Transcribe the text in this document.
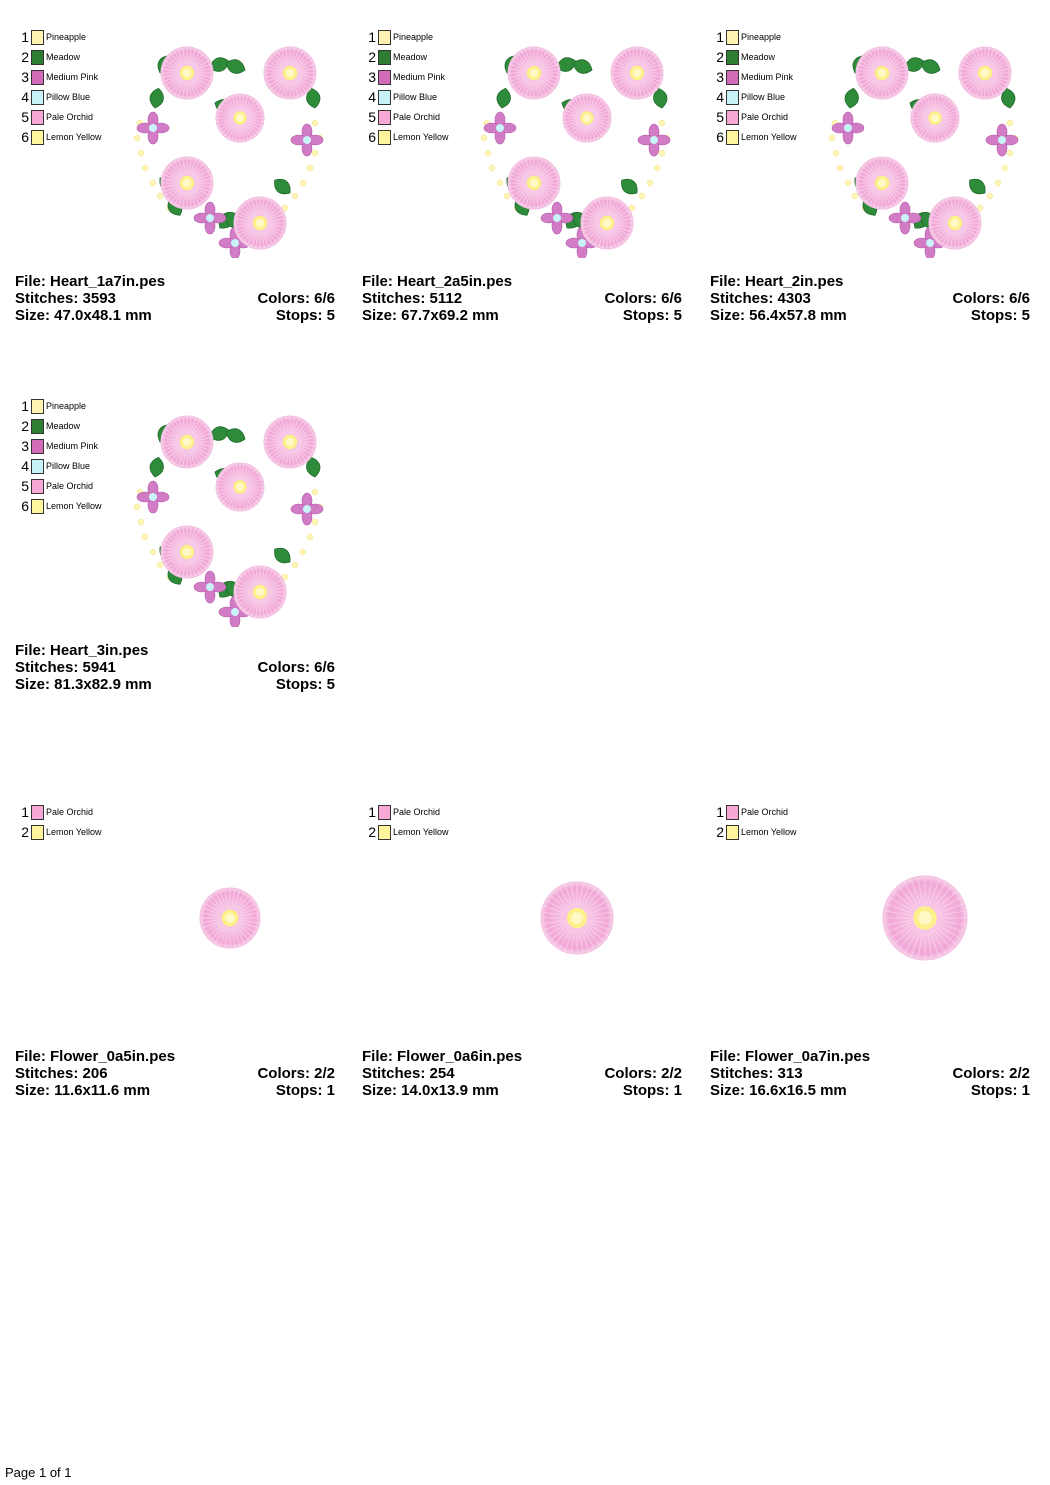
1 Pineapple
2 Meadow
3 Medium Pink
4 Pillow Blue
5 Pale Orchid
6 Lemon Yellow
File: Heart_1a7in.pes
Stitches: 3593	Colors: 6/6
Size: 47.0x48.1 mm	Stops: 5
1 Pineapple
2 Meadow
3 Medium Pink
4 Pillow Blue
5 Pale Orchid
6 Lemon Yellow
File: Heart_2a5in.pes
Stitches: 5112	Colors: 6/6
Size: 67.7x69.2 mm	Stops: 5
1 Pineapple
2 Meadow
3 Medium Pink
4 Pillow Blue
5 Pale Orchid
6 Lemon Yellow
File: Heart_2in.pes
Stitches: 4303	Colors: 6/6
Size: 56.4x57.8 mm	Stops: 5
1 Pineapple
2 Meadow
3 Medium Pink
4 Pillow Blue
5 Pale Orchid
6 Lemon Yellow
File: Heart_3in.pes
Stitches: 5941	Colors: 6/6
Size: 81.3x82.9 mm	Stops: 5
1 Pale Orchid
2 Lemon Yellow
File: Flower_0a5in.pes
Stitches: 206	Colors: 2/2
Size: 11.6x11.6 mm	Stops: 1
1 Pale Orchid
2 Lemon Yellow
File: Flower_0a6in.pes
Stitches: 254	Colors: 2/2
Size: 14.0x13.9 mm	Stops: 1
1 Pale Orchid
2 Lemon Yellow
File: Flower_0a7in.pes
Stitches: 313	Colors: 2/2
Size: 16.6x16.5 mm	Stops: 1
Page 1 of 1
